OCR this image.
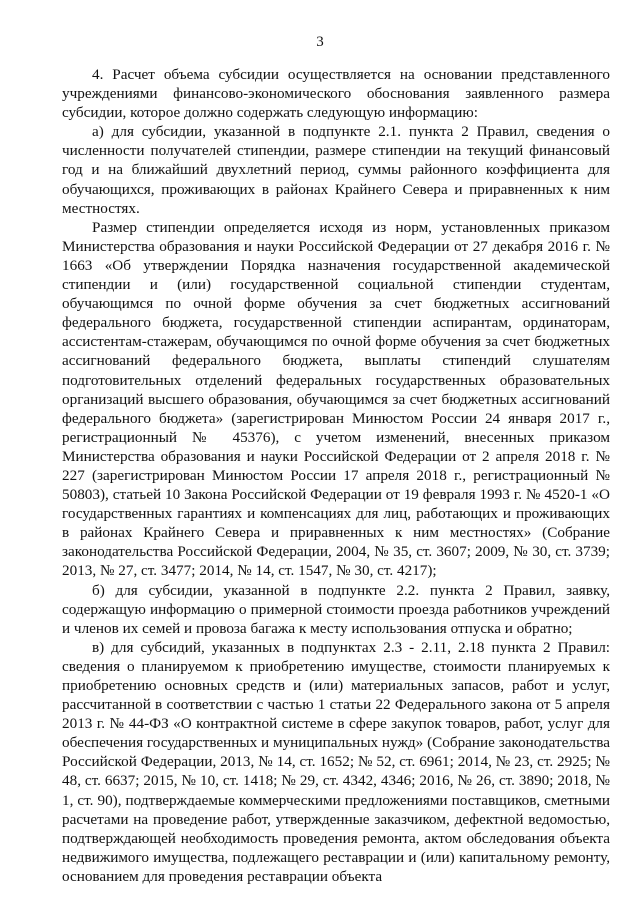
3

4. Расчет объема субсидии осуществляется на основании представленного учреждениями финансово-экономического обоснования заявленного размера субсидии, которое должно содержать следующую информацию:

а) для субсидии, указанной в подпункте 2.1. пункта 2 Правил, сведения о численности получателей стипендии, размере стипендии на текущий финансовый год и на ближайший двухлетний период, суммы районного коэффициента для обучающихся, проживающих в районах Крайнего Севера и приравненных к ним местностях.

Размер стипендии определяется исходя из норм, установленных приказом Министерства образования и науки Российской Федерации от 27 декабря 2016 г. № 1663 «Об утверждении Порядка назначения государственной академической стипендии и (или) государственной социальной стипендии студентам, обучающимся по очной форме обучения за счет бюджетных ассигнований федерального бюджета, государственной стипендии аспирантам, ординаторам, ассистентам-стажерам, обучающимся по очной форме обучения за счет бюджетных ассигнований федерального бюджета, выплаты стипендий слушателям подготовительных отделений федеральных государственных образовательных организаций высшего образования, обучающимся за счет бюджетных ассигнований федерального бюджета» (зарегистрирован Минюстом России 24 января 2017 г., регистрационный № 45376), с учетом изменений, внесенных приказом Министерства образования и науки Российской Федерации от 2 апреля 2018 г. № 227 (зарегистрирован Минюстом России 17 апреля 2018 г., регистрационный № 50803), статьей 10 Закона Российской Федерации от 19 февраля 1993 г. № 4520-1 «О государственных гарантиях и компенсациях для лиц, работающих и проживающих в районах Крайнего Севера и приравненных к ним местностях» (Собрание законодательства Российской Федерации, 2004, № 35, ст. 3607; 2009, № 30, ст. 3739; 2013, № 27, ст. 3477; 2014, № 14, ст. 1547, № 30, ст. 4217);

б) для субсидии, указанной в подпункте 2.2. пункта 2 Правил, заявку, содержащую информацию о примерной стоимости проезда работников учреждений и членов их семей и провоза багажа к месту использования отпуска и обратно;

в) для субсидий, указанных в подпунктах 2.3 - 2.11, 2.18 пункта 2 Правил: сведения о планируемом к приобретению имуществе, стоимости планируемых к приобретению основных средств и (или) материальных запасов, работ и услуг, рассчитанной в соответствии с частью 1 статьи 22 Федерального закона от 5 апреля 2013 г. № 44-ФЗ «О контрактной системе в сфере закупок товаров, работ, услуг для обеспечения государственных и муниципальных нужд» (Собрание законодательства Российской Федерации, 2013, № 14, ст. 1652; № 52, ст. 6961; 2014, № 23, ст. 2925; № 48, ст. 6637; 2015, № 10, ст. 1418; № 29, ст. 4342, 4346; 2016, № 26, ст. 3890; 2018, № 1, ст. 90), подтверждаемые коммерческими предложениями поставщиков, сметными расчетами на проведение работ, утвержденные заказчиком, дефектной ведомостью, подтверждающей необходимость проведения ремонта, актом обследования объекта недвижимого имущества, подлежащего реставрации и (или) капитальному ремонту, основанием для проведения реставрации объекта
